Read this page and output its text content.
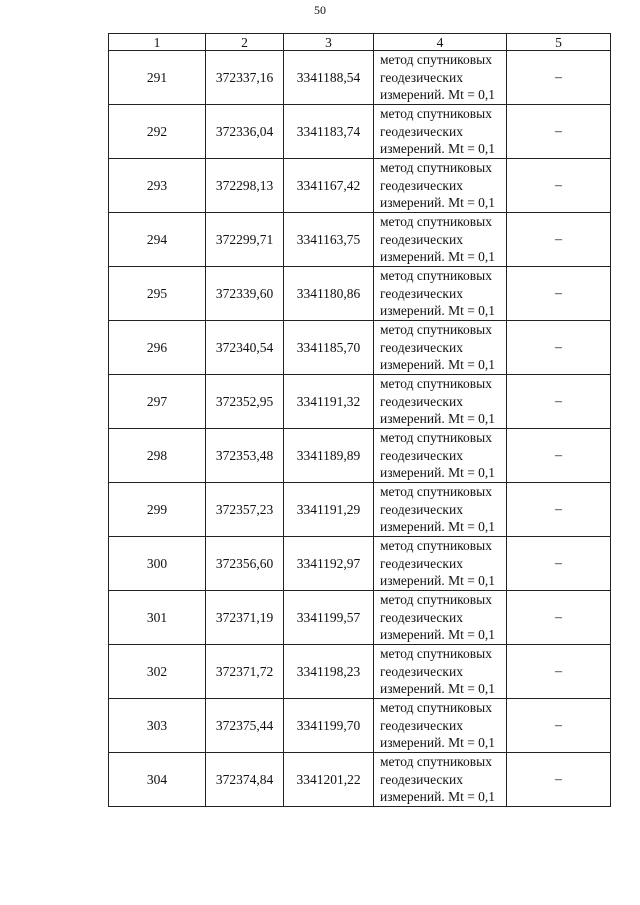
50
1	2	3	4	5
291	372337,16	3341188,54	метод спутниковых
геодезических
измерений. Mt = 0,1	–
292	372336,04	3341183,74	метод спутниковых
геодезических
измерений. Mt = 0,1	–
293	372298,13	3341167,42	метод спутниковых
геодезических
измерений. Mt = 0,1	–
294	372299,71	3341163,75	метод спутниковых
геодезических
измерений. Mt = 0,1	–
295	372339,60	3341180,86	метод спутниковых
геодезических
измерений. Mt = 0,1	–
296	372340,54	3341185,70	метод спутниковых
геодезических
измерений. Mt = 0,1	–
297	372352,95	3341191,32	метод спутниковых
геодезических
измерений. Mt = 0,1	–
298	372353,48	3341189,89	метод спутниковых
геодезических
измерений. Mt = 0,1	–
299	372357,23	3341191,29	метод спутниковых
геодезических
измерений. Mt = 0,1	–
300	372356,60	3341192,97	метод спутниковых
геодезических
измерений. Mt = 0,1	–
301	372371,19	3341199,57	метод спутниковых
геодезических
измерений. Mt = 0,1	–
302	372371,72	3341198,23	метод спутниковых
геодезических
измерений. Mt = 0,1	–
303	372375,44	3341199,70	метод спутниковых
геодезических
измерений. Mt = 0,1	–
304	372374,84	3341201,22	метод спутниковых
геодезических
измерений. Mt = 0,1	–
